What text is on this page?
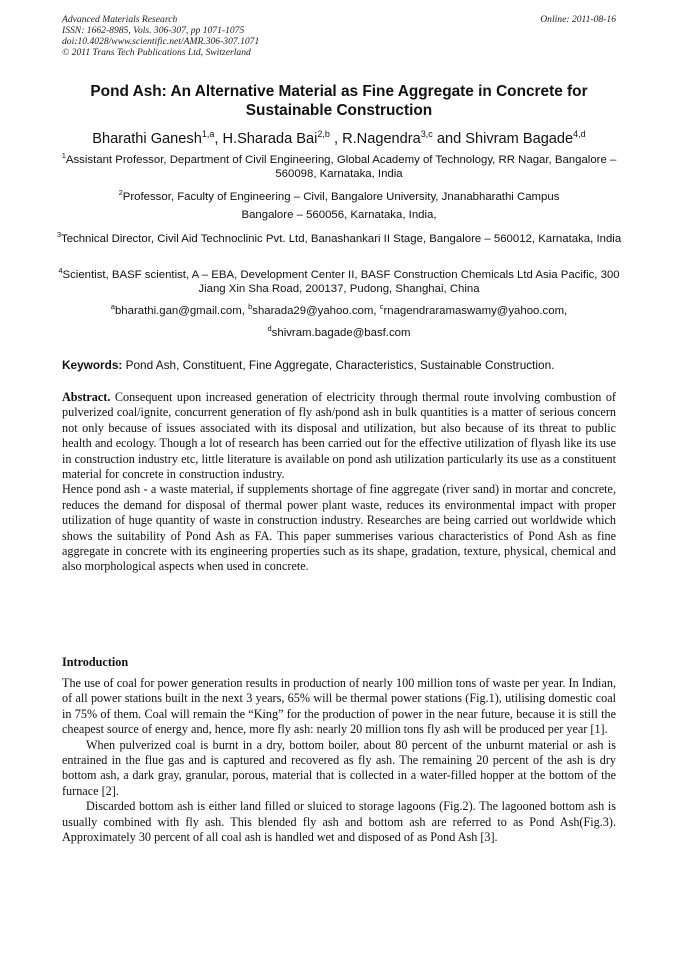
Advanced Materials Research
ISSN: 1662-8985, Vols. 306-307, pp 1071-1075
doi:10.4028/www.scientific.net/AMR.306-307.1071
© 2011 Trans Tech Publications Ltd, Switzerland
Online: 2011-08-16
Pond Ash: An Alternative Material as Fine Aggregate in Concrete for Sustainable Construction
Bharathi Ganesh$^{1,a}$, H.Sharada Bai$^{2,b}$ , R.Nagendra$^{3,c}$ and Shivram Bagade$^{4,d}$
$^1$Assistant Professor, Department of Civil Engineering, Global Academy of Technology, RR Nagar, Bangalore – 560098, Karnataka, India
$^2$Professor, Faculty of Engineering – Civil, Bangalore University, Jnanabharathi Campus
Bangalore – 560056, Karnataka, India,
$^3$Technical Director, Civil Aid Technoclinic Pvt. Ltd, Banashankari II Stage, Bangalore – 560012, Karnataka, India
$^4$Scientist, BASF scientist, A – EBA, Development Center II, BASF Construction Chemicals Ltd Asia Pacific, 300 Jiang Xin Sha Road, 200137, Pudong, Shanghai, China
$^a$bharathi.gan@gmail.com, $^b$sharada29@yahoo.com, $^c$rnagendraramaswamy@yahoo.com,
$^d$shivram.bagade@basf.com
Keywords: Pond Ash, Constituent, Fine Aggregate, Characteristics, Sustainable Construction.

Abstract. Consequent upon increased generation of electricity through thermal route involving combustion of pulverized coal/ignite, concurrent generation of fly ash/pond ash in bulk quantities is a matter of serious concern not only because of issues associated with its disposal and utilization, but also because of its threat to public health and ecology. Though a lot of research has been carried out for the effective utilization of flyash like its use in construction industry etc, little literature is available on pond ash utilization particularly its use as a constituent material for concrete in construction industry.

Hence pond ash - a waste material, if supplements shortage of fine aggregate (river sand) in mortar and concrete, reduces the demand for disposal of thermal power plant waste, reduces its environmental impact with proper utilization of huge quantity of waste in construction industry. Researches are being carried out worldwide which shows the suitability of Pond Ash as FA. This paper summerises various characteristics of Pond Ash as fine aggregate in concrete with its engineering properties such as its shape, gradation, texture, physical, chemical and also morphological aspects when used in concrete.

Introduction

The use of coal for power generation results in production of nearly 100 million tons of waste per year. In Indian, of all power stations built in the next 3 years, 65% will be thermal power stations (Fig.1), utilising domestic coal in 75% of them. Coal will remain the “King” for the production of power in the near future, because it is still the cheapest source of energy and, hence, more fly ash: nearly 20 million tons fly ash will be produced per year [1].

When pulverized coal is burnt in a dry, bottom boiler, about 80 percent of the unburnt material or ash is entrained in the flue gas and is captured and recovered as fly ash. The remaining 20 percent of the ash is dry bottom ash, a dark gray, granular, porous, material that is collected in a water-filled hopper at the bottom of the furnace [2].

Discarded bottom ash is either land filled or sluiced to storage lagoons (Fig.2). The lagooned bottom ash is usually combined with fly ash. This blended fly ash and bottom ash are referred to as Pond Ash(Fig.3). Approximately 30 percent of all coal ash is handled wet and disposed of as Pond Ash [3].
